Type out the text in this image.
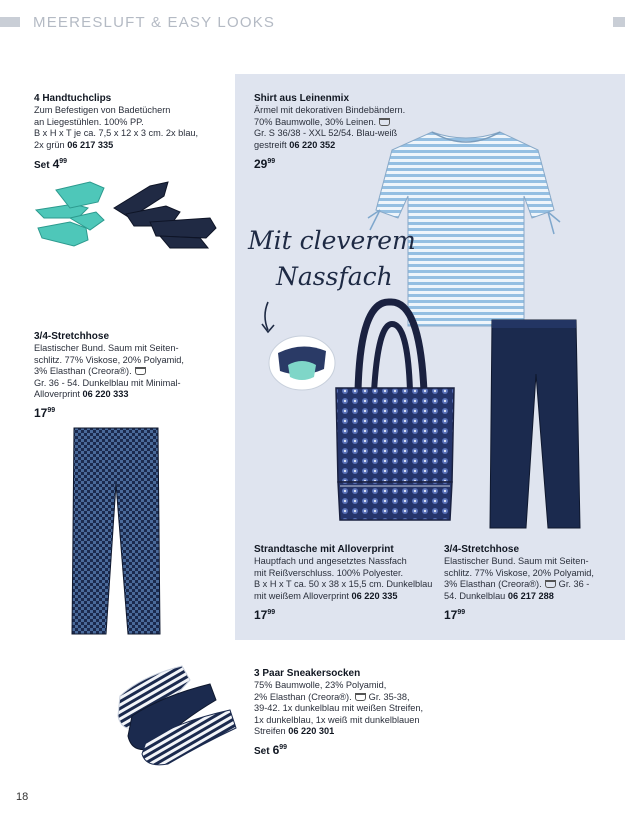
MEERESLUFT & EASY LOOKS
4 Handtuchclips
Zum Befestigen von Badetüchern
an Liegestühlen. 100% PP.
B x H x T je ca. 7,5 x 12 x 3 cm. 2x blau,
2x grün 06 217 335
Set $4^{99}$
Shirt aus Leinenmix
Ärmel mit dekorativen Bindebändern.
70% Baumwolle, 30% Leinen.
Gr. S 36/38 - XXL 52/54. Blau-weiß
gestreift 06 220 352
$29^{99}$
Mit cleverem
Nassfach
3/4-Stretchhose
Elastischer Bund. Saum mit Seiten-
schlitz. 77% Viskose, 20% Polyamid,
3% Elasthan (Creora®).
Gr. 36 - 54. Dunkelblau mit Minimal-
Alloverprint 06 220 333
$17^{99}$
Strandtasche mit Alloverprint
Hauptfach und angesetztes Nassfach
mit Reißverschluss. 100% Polyester.
B x H x T ca. 50 x 38 x 15,5 cm. Dunkelblau
mit weißem Alloverprint 06 220 335
$17^{99}$
3/4-Stretchhose
Elastischer Bund. Saum mit Seiten-
schlitz. 77% Viskose, 20% Polyamid,
3% Elasthan (Creora®). Gr. 36 -
54. Dunkelblau 06 217 288
$17^{99}$
3 Paar Sneakersocken
75% Baumwolle, 23% Polyamid,
2% Elasthan (Creora®). Gr. 35-38,
39-42. 1x dunkelblau mit weißen Streifen,
1x dunkelblau, 1x weiß mit dunkelblauen
Streifen 06 220 301
Set $6^{99}$
18
